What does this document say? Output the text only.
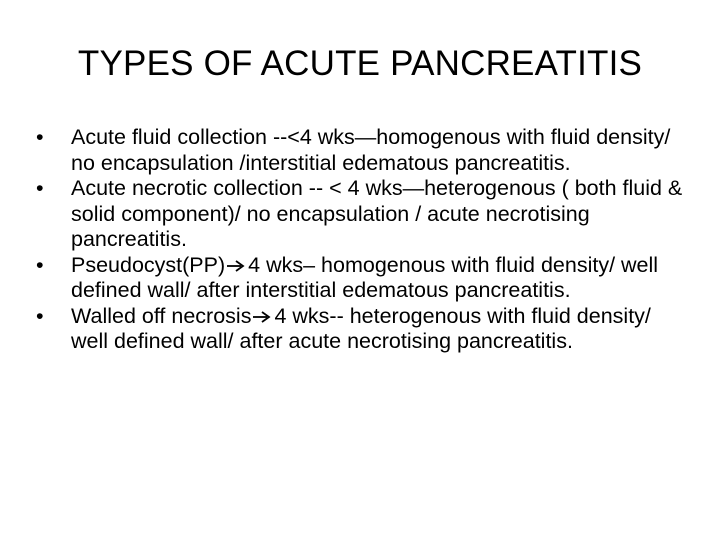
TYPES OF ACUTE PANCREATITIS
•	Acute fluid collection --<4 wks—homogenous with fluid density/ no encapsulation /interstitial edematous pancreatitis.
•	Acute necrotic collection -- < 4 wks—heterogenous ( both fluid & solid component)/ no encapsulation / acute necrotising pancreatitis.
•	Pseudocyst(PP) 4 wks– homogenous with fluid density/ well defined wall/ after interstitial edematous pancreatitis.
•	Walled off necrosis 4 wks-- heterogenous with fluid density/ well defined wall/ after acute necrotising pancreatitis.
